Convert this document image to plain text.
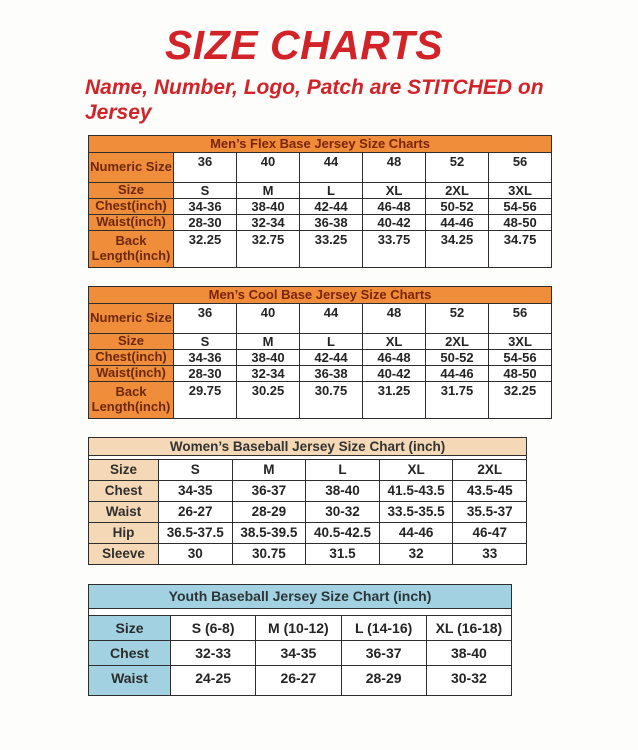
SIZE CHARTS
Name, Number, Logo, Patch are STITCHED on Jersey
Men’s Flex Base Jersey Size Charts						
Numeric Size	36	40	44	48	52	56
Size	S	M	L	XL	2XL	3XL
Chest(inch)	34-36	38-40	42-44	46-48	50-52	54-56
Waist(inch)	28-30	32-34	36-38	40-42	44-46	48-50
Back Length(inch)	32.25	32.75	33.25	33.75	34.25	34.75
Men’s Cool Base Jersey Size Charts						
Numeric Size	36	40	44	48	52	56
Size	S	M	L	XL	2XL	3XL
Chest(inch)	34-36	38-40	42-44	46-48	50-52	54-56
Waist(inch)	28-30	32-34	36-38	40-42	44-46	48-50
Back Length(inch)	29.75	30.25	30.75	31.25	31.75	32.25
Women’s Baseball Jersey Size Chart (inch)					

Size	S	M	L	XL	2XL
Chest	34-35	36-37	38-40	41.5-43.5	43.5-45
Waist	26-27	28-29	30-32	33.5-35.5	35.5-37
Hip	36.5-37.5	38.5-39.5	40.5-42.5	44-46	46-47
Sleeve	30	30.75	31.5	32	33
Youth Baseball Jersey Size Chart (inch)				

Size	S (6-8)	M (10-12)	L (14-16)	XL (16-18)
Chest	32-33	34-35	36-37	38-40
Waist	24-25	26-27	28-29	30-32
